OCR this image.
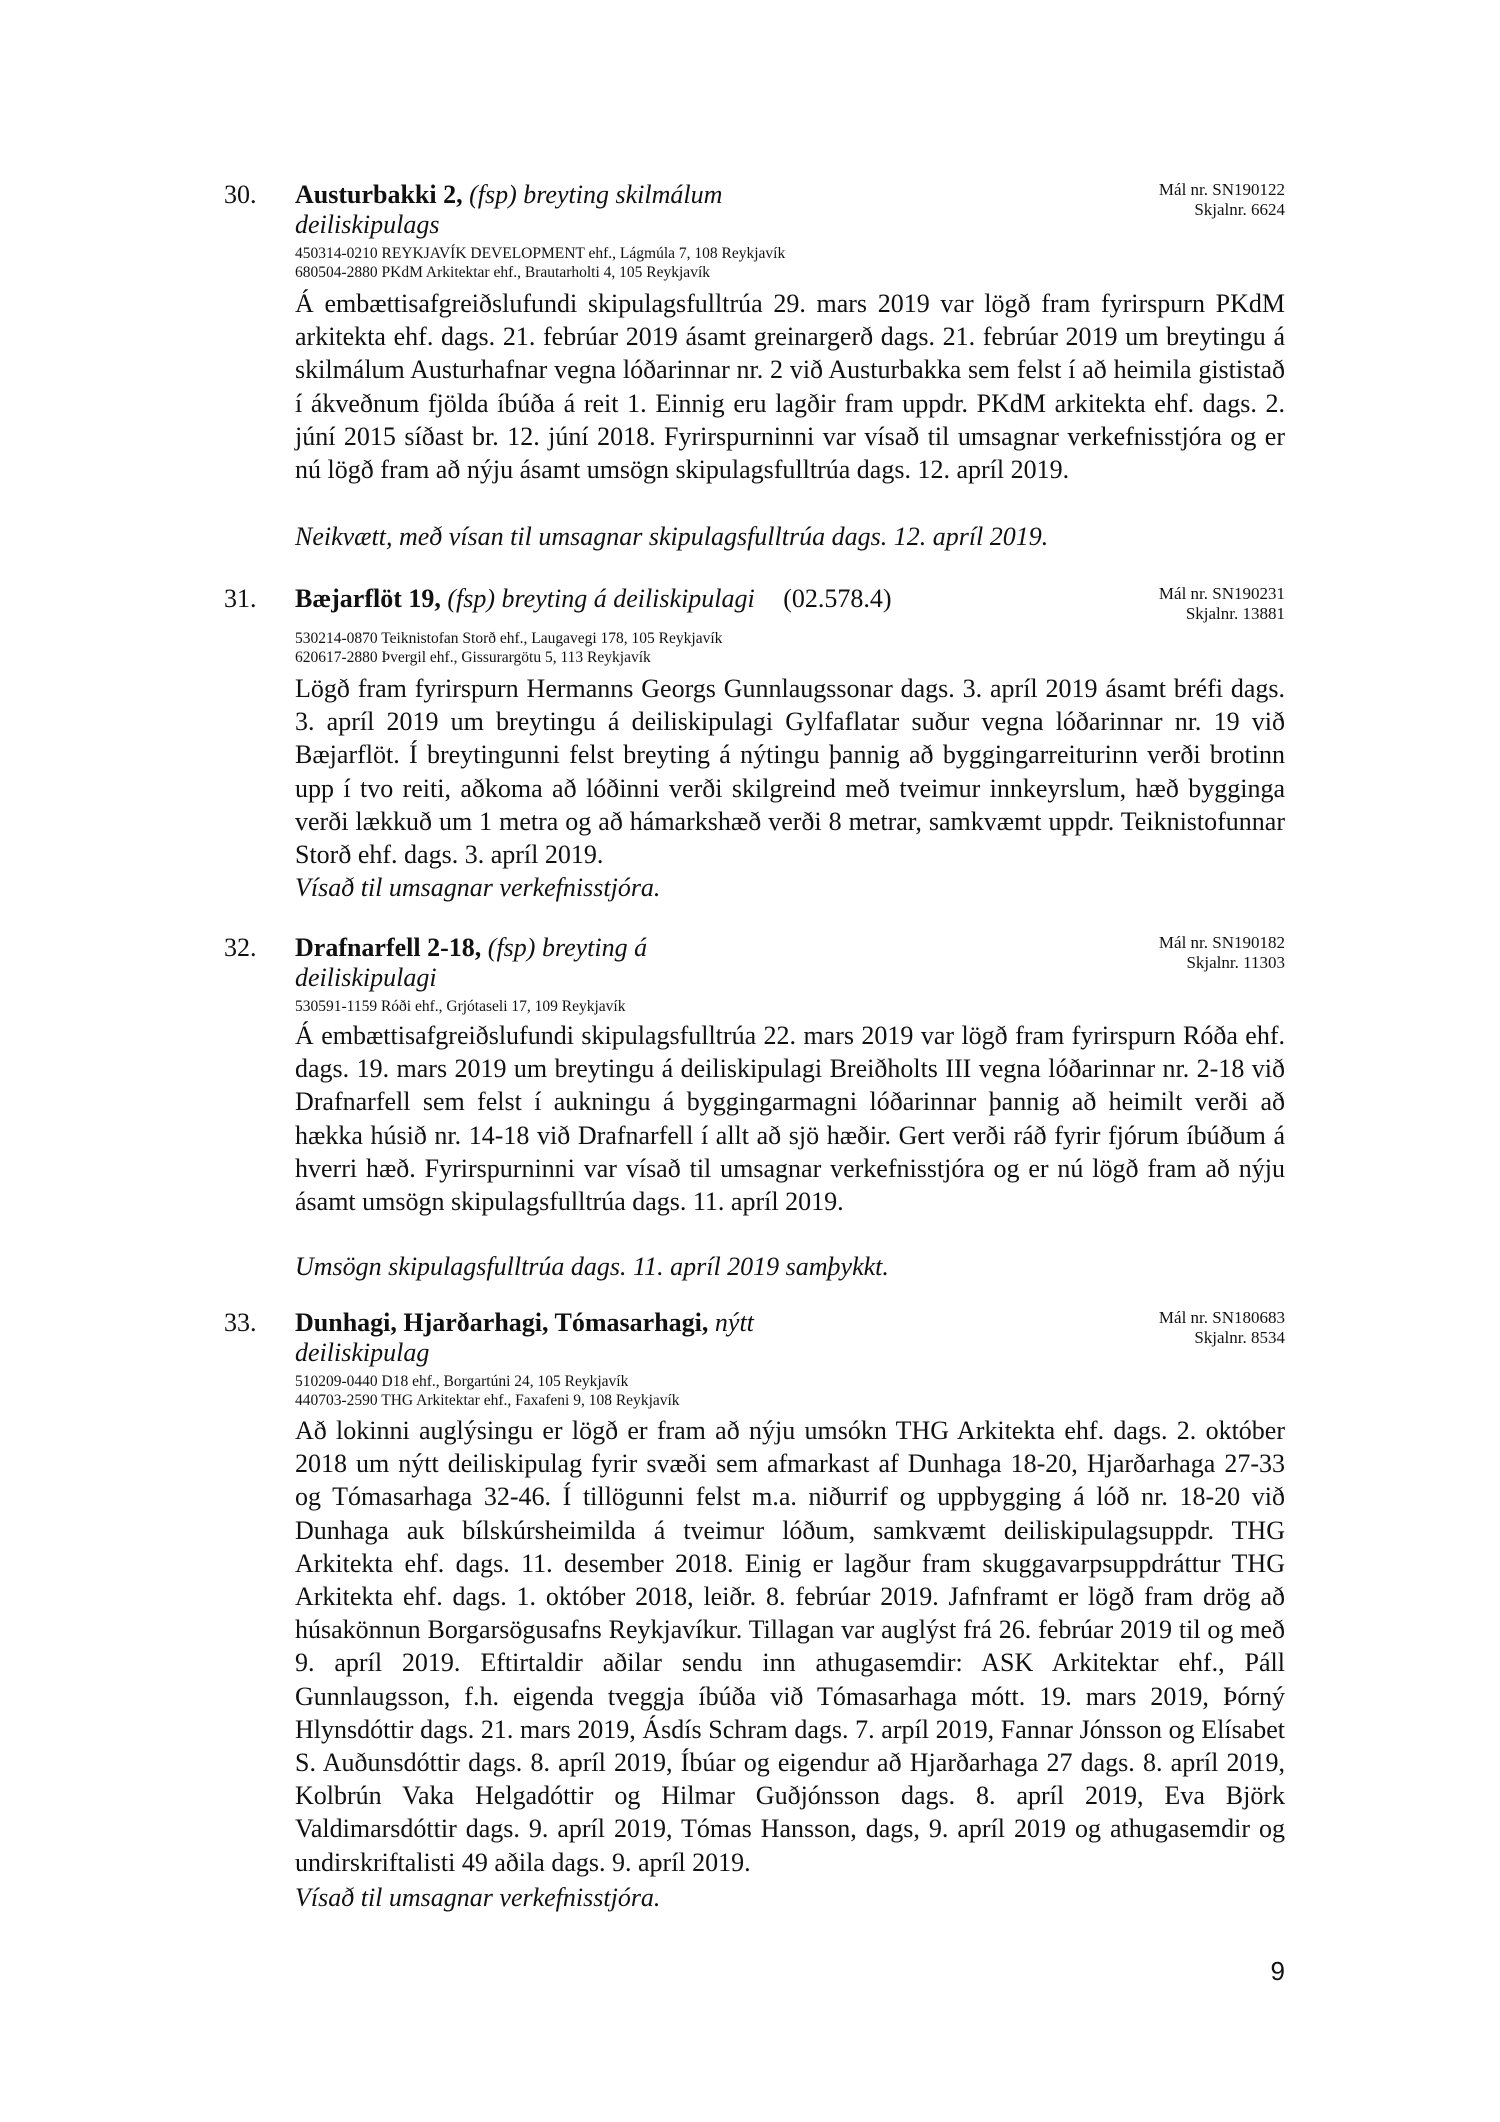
30. Austurbakki 2, (fsp) breyting skilmálum deiliskipulags
Mál nr. SN190122
Skjalnr. 6624
450314-0210 REYKJAVÍK DEVELOPMENT ehf., Lágmúla 7, 108 Reykjavík
680504-2880 PKdM Arkitektar ehf., Brautarholti 4, 105 Reykjavík
Á embættisafgreiðslufundi skipulagsfulltrúa 29. mars 2019 var lögð fram fyrirspurn PKdM arkitekta ehf. dags. 21. febrúar 2019 ásamt greinargerð dags. 21. febrúar 2019 um breytingu á skilmálum Austurhafnar vegna lóðarinnar nr. 2 við Austurbakka sem felst í að heimila gististað í ákveðnum fjölda íbúða á reit 1. Einnig eru lagðir fram uppdr. PKdM arkitekta ehf. dags. 2. júní 2015 síðast br. 12. júní 2018. Fyrirspurninni var vísað til umsagnar verkefnisstjóra og er nú lögð fram að nýju ásamt umsögn skipulagsfulltrúa dags. 12. apríl 2019.
Neikvætt, með vísan til umsagnar skipulagsfulltrúa dags. 12. apríl 2019.
31. Bæjarflöt 19, (fsp) breyting á deiliskipulagi (02.578.4)	Mál nr. SN190231
Skjalnr. 13881
530214-0870 Teiknistofan Storð ehf., Laugavegi 178, 105 Reykjavík
620617-2880 Þvergil ehf., Gissurargötu 5, 113 Reykjavík
Lögð fram fyrirspurn Hermanns Georgs Gunnlaugssonar dags. 3. apríl 2019 ásamt bréfi dags. 3. apríl 2019 um breytingu á deiliskipulagi Gylfaflatar suður vegna lóðarinnar nr. 19 við Bæjarflöt. Í breytingunni felst breyting á nýtingu þannig að byggingarreiturinn verði brotinn upp í tvo reiti, aðkoma að lóðinni verði skilgreind með tveimur innkeyrslum, hæð bygginga verði lækkuð um 1 metra og að hámarkshæð verði 8 metrar, samkvæmt uppdr. Teiknistofunnar Storð ehf. dags. 3. apríl 2019.
Vísað til umsagnar verkefnisstjóra.
32. Drafnarfell 2-18, (fsp) breyting á deiliskipulagi
Mál nr. SN190182
Skjalnr. 11303
530591-1159 Róði ehf., Grjótaseli 17, 109 Reykjavík
Á embættisafgreiðslufundi skipulagsfulltrúa 22. mars 2019 var lögð fram fyrirspurn Róða ehf. dags. 19. mars 2019 um breytingu á deiliskipulagi Breiðholts III vegna lóðarinnar nr. 2-18 við Drafnarfell sem felst í aukningu á byggingarmagni lóðarinnar þannig að heimilt verði að hækka húsið nr. 14-18 við Drafnarfell í allt að sjö hæðir. Gert verði ráð fyrir fjórum íbúðum á hverri hæð. Fyrirspurninni var vísað til umsagnar verkefnisstjóra og er nú lögð fram að nýju ásamt umsögn skipulagsfulltrúa dags. 11. apríl 2019.
Umsögn skipulagsfulltrúa dags. 11. apríl 2019 samþykkt.
33. Dunhagi, Hjarðarhagi, Tómasarhagi, nýtt deiliskipulag
Mál nr. SN180683
Skjalnr. 8534
510209-0440 D18 ehf., Borgartúni 24, 105 Reykjavík
440703-2590 THG Arkitektar ehf., Faxafeni 9, 108 Reykjavík
Að lokinni auglýsingu er lögð er fram að nýju umsókn THG Arkitekta ehf. dags. 2. október 2018 um nýtt deiliskipulag fyrir svæði sem afmarkast af Dunhaga 18-20, Hjarðarhaga 27-33 og Tómasarhaga 32-46. Í tillögunni felst m.a. niðurrif og uppbygging á lóð nr. 18-20 við Dunhaga auk bílskúrsheimilda á tveimur lóðum, samkvæmt deiliskipulagsuppdr. THG Arkitekta ehf. dags. 11. desember 2018. Einig er lagður fram skuggavarpsuppdráttur THG Arkitekta ehf. dags. 1. október 2018, leiðr. 8. febrúar 2019. Jafnframt er lögð fram drög að húsakönnun Borgarsögusafns Reykjavíkur. Tillagan var auglýst frá 26. febrúar 2019 til og með 9. apríl 2019. Eftirtaldir aðilar sendu inn athugasemdir: ASK Arkitektar ehf., Páll Gunnlaugsson, f.h. eigenda tveggja íbúða við Tómasarhaga mótt. 19. mars 2019, Þórný Hlynsdóttir dags. 21. mars 2019, Ásdís Schram dags. 7. arpíl 2019, Fannar Jónsson og Elísabet S. Auðunsdóttir dags. 8. apríl 2019, Íbúar og eigendur að Hjarðarhaga 27 dags. 8. apríl 2019, Kolbrún Vaka Helgadóttir og Hilmar Guðjónsson dags. 8. apríl 2019, Eva Björk Valdimarsdóttir dags. 9. apríl 2019, Tómas Hansson, dags, 9. apríl 2019 og athugasemdir og undirskriftalisti 49 aðila dags. 9. apríl 2019.
Vísað til umsagnar verkefnisstjóra.
9
